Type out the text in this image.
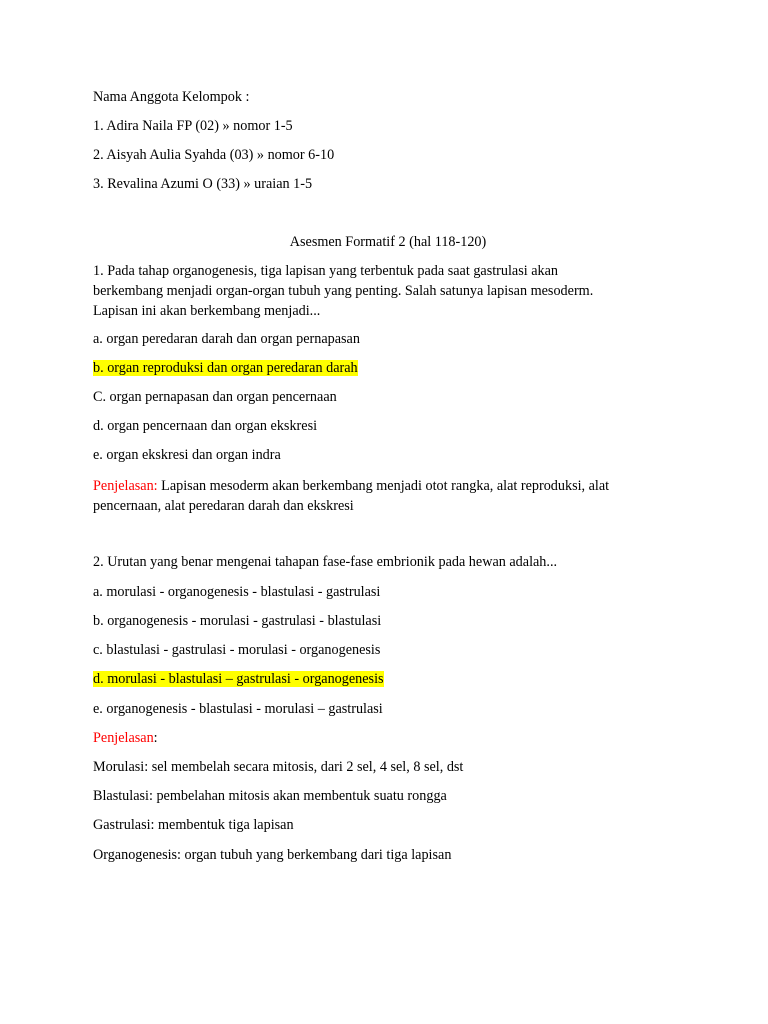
Nama Anggota Kelompok :
1. Adira Naila FP (02) » nomor 1-5
2. Aisyah Aulia Syahda (03) » nomor 6-10
3. Revalina Azumi O (33) » uraian 1-5
Asesmen Formatif 2 (hal 118-120)
1. Pada tahap organogenesis, tiga lapisan yang terbentuk pada saat gastrulasi akan
berkembang menjadi organ-organ tubuh yang penting. Salah satunya lapisan mesoderm.
Lapisan ini akan berkembang menjadi...
a. organ peredaran darah dan organ pernapasan
b. organ reproduksi dan organ peredaran darah
C. organ pernapasan dan organ pencernaan
d. organ pencernaan dan organ ekskresi
e. organ ekskresi dan organ indra
Penjelasan: Lapisan mesoderm akan berkembang menjadi otot rangka, alat reproduksi, alat
pencernaan, alat peredaran darah dan ekskresi
2. Urutan yang benar mengenai tahapan fase-fase embrionik pada hewan adalah...
a. morulasi - organogenesis - blastulasi - gastrulasi
b. organogenesis - morulasi - gastrulasi - blastulasi
c. blastulasi - gastrulasi - morulasi - organogenesis
d. morulasi - blastulasi – gastrulasi - organogenesis
e. organogenesis - blastulasi - morulasi – gastrulasi
Penjelasan:
Morulasi: sel membelah secara mitosis, dari 2 sel, 4 sel, 8 sel, dst
Blastulasi: pembelahan mitosis akan membentuk suatu rongga
Gastrulasi: membentuk tiga lapisan
Organogenesis: organ tubuh yang berkembang dari tiga lapisan
